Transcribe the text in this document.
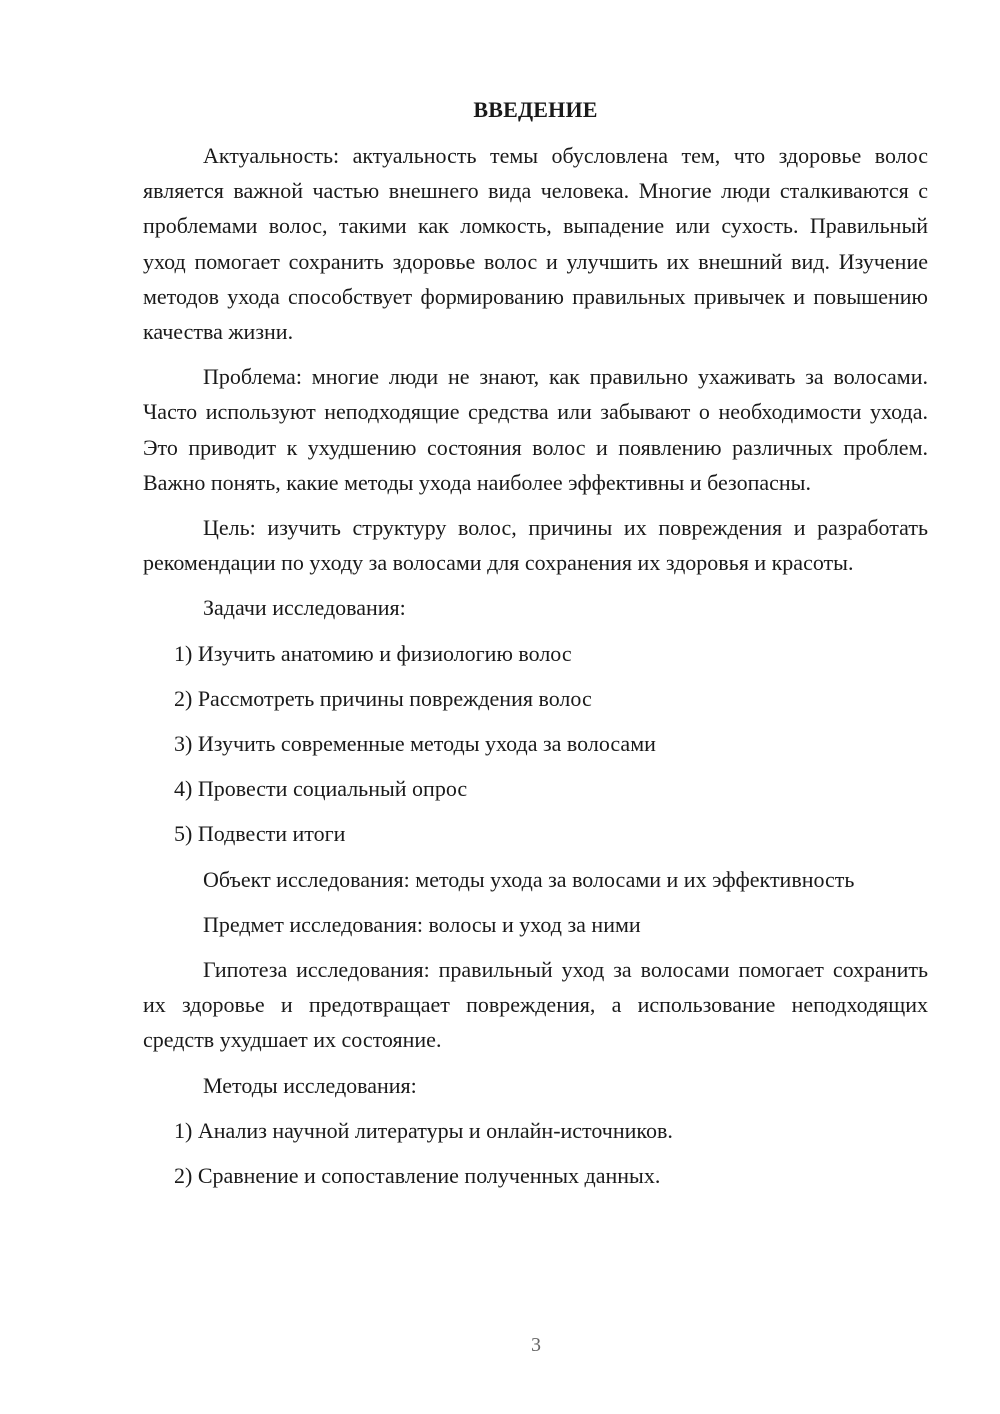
ВВЕДЕНИЕ

Актуальность: актуальность темы обусловлена тем, что здоровье волос является важной частью внешнего вида человека. Многие люди сталкиваются с проблемами волос, такими как ломкость, выпадение или сухость. Правильный уход помогает сохранить здоровье волос и улучшить их внешний вид. Изучение методов ухода способствует формированию правильных привычек и повышению качества жизни.

Проблема: многие люди не знают, как правильно ухаживать за волосами. Часто используют неподходящие средства или забывают о необходимости ухода. Это приводит к ухудшению состояния волос и появлению различных проблем. Важно понять, какие методы ухода наиболее эффективны и безопасны.

Цель: изучить структуру волос, причины их повреждения и разработать рекомендации по уходу за волосами для сохранения их здоровья и красоты.

Задачи исследования:

1) Изучить анатомию и физиологию волос

2) Рассмотреть причины повреждения волос

3) Изучить современные методы ухода за волосами

4) Провести социальный опрос

5) Подвести итоги

Объект исследования: методы ухода за волосами и их эффективность

Предмет исследования: волосы и уход за ними

Гипотеза исследования: правильный уход за волосами помогает сохранить их здоровье и предотвращает повреждения, а использование неподходящих средств ухудшает их состояние.

Методы исследования:

1) Анализ научной литературы и онлайн-источников.

2) Сравнение и сопоставление полученных данных.

3
